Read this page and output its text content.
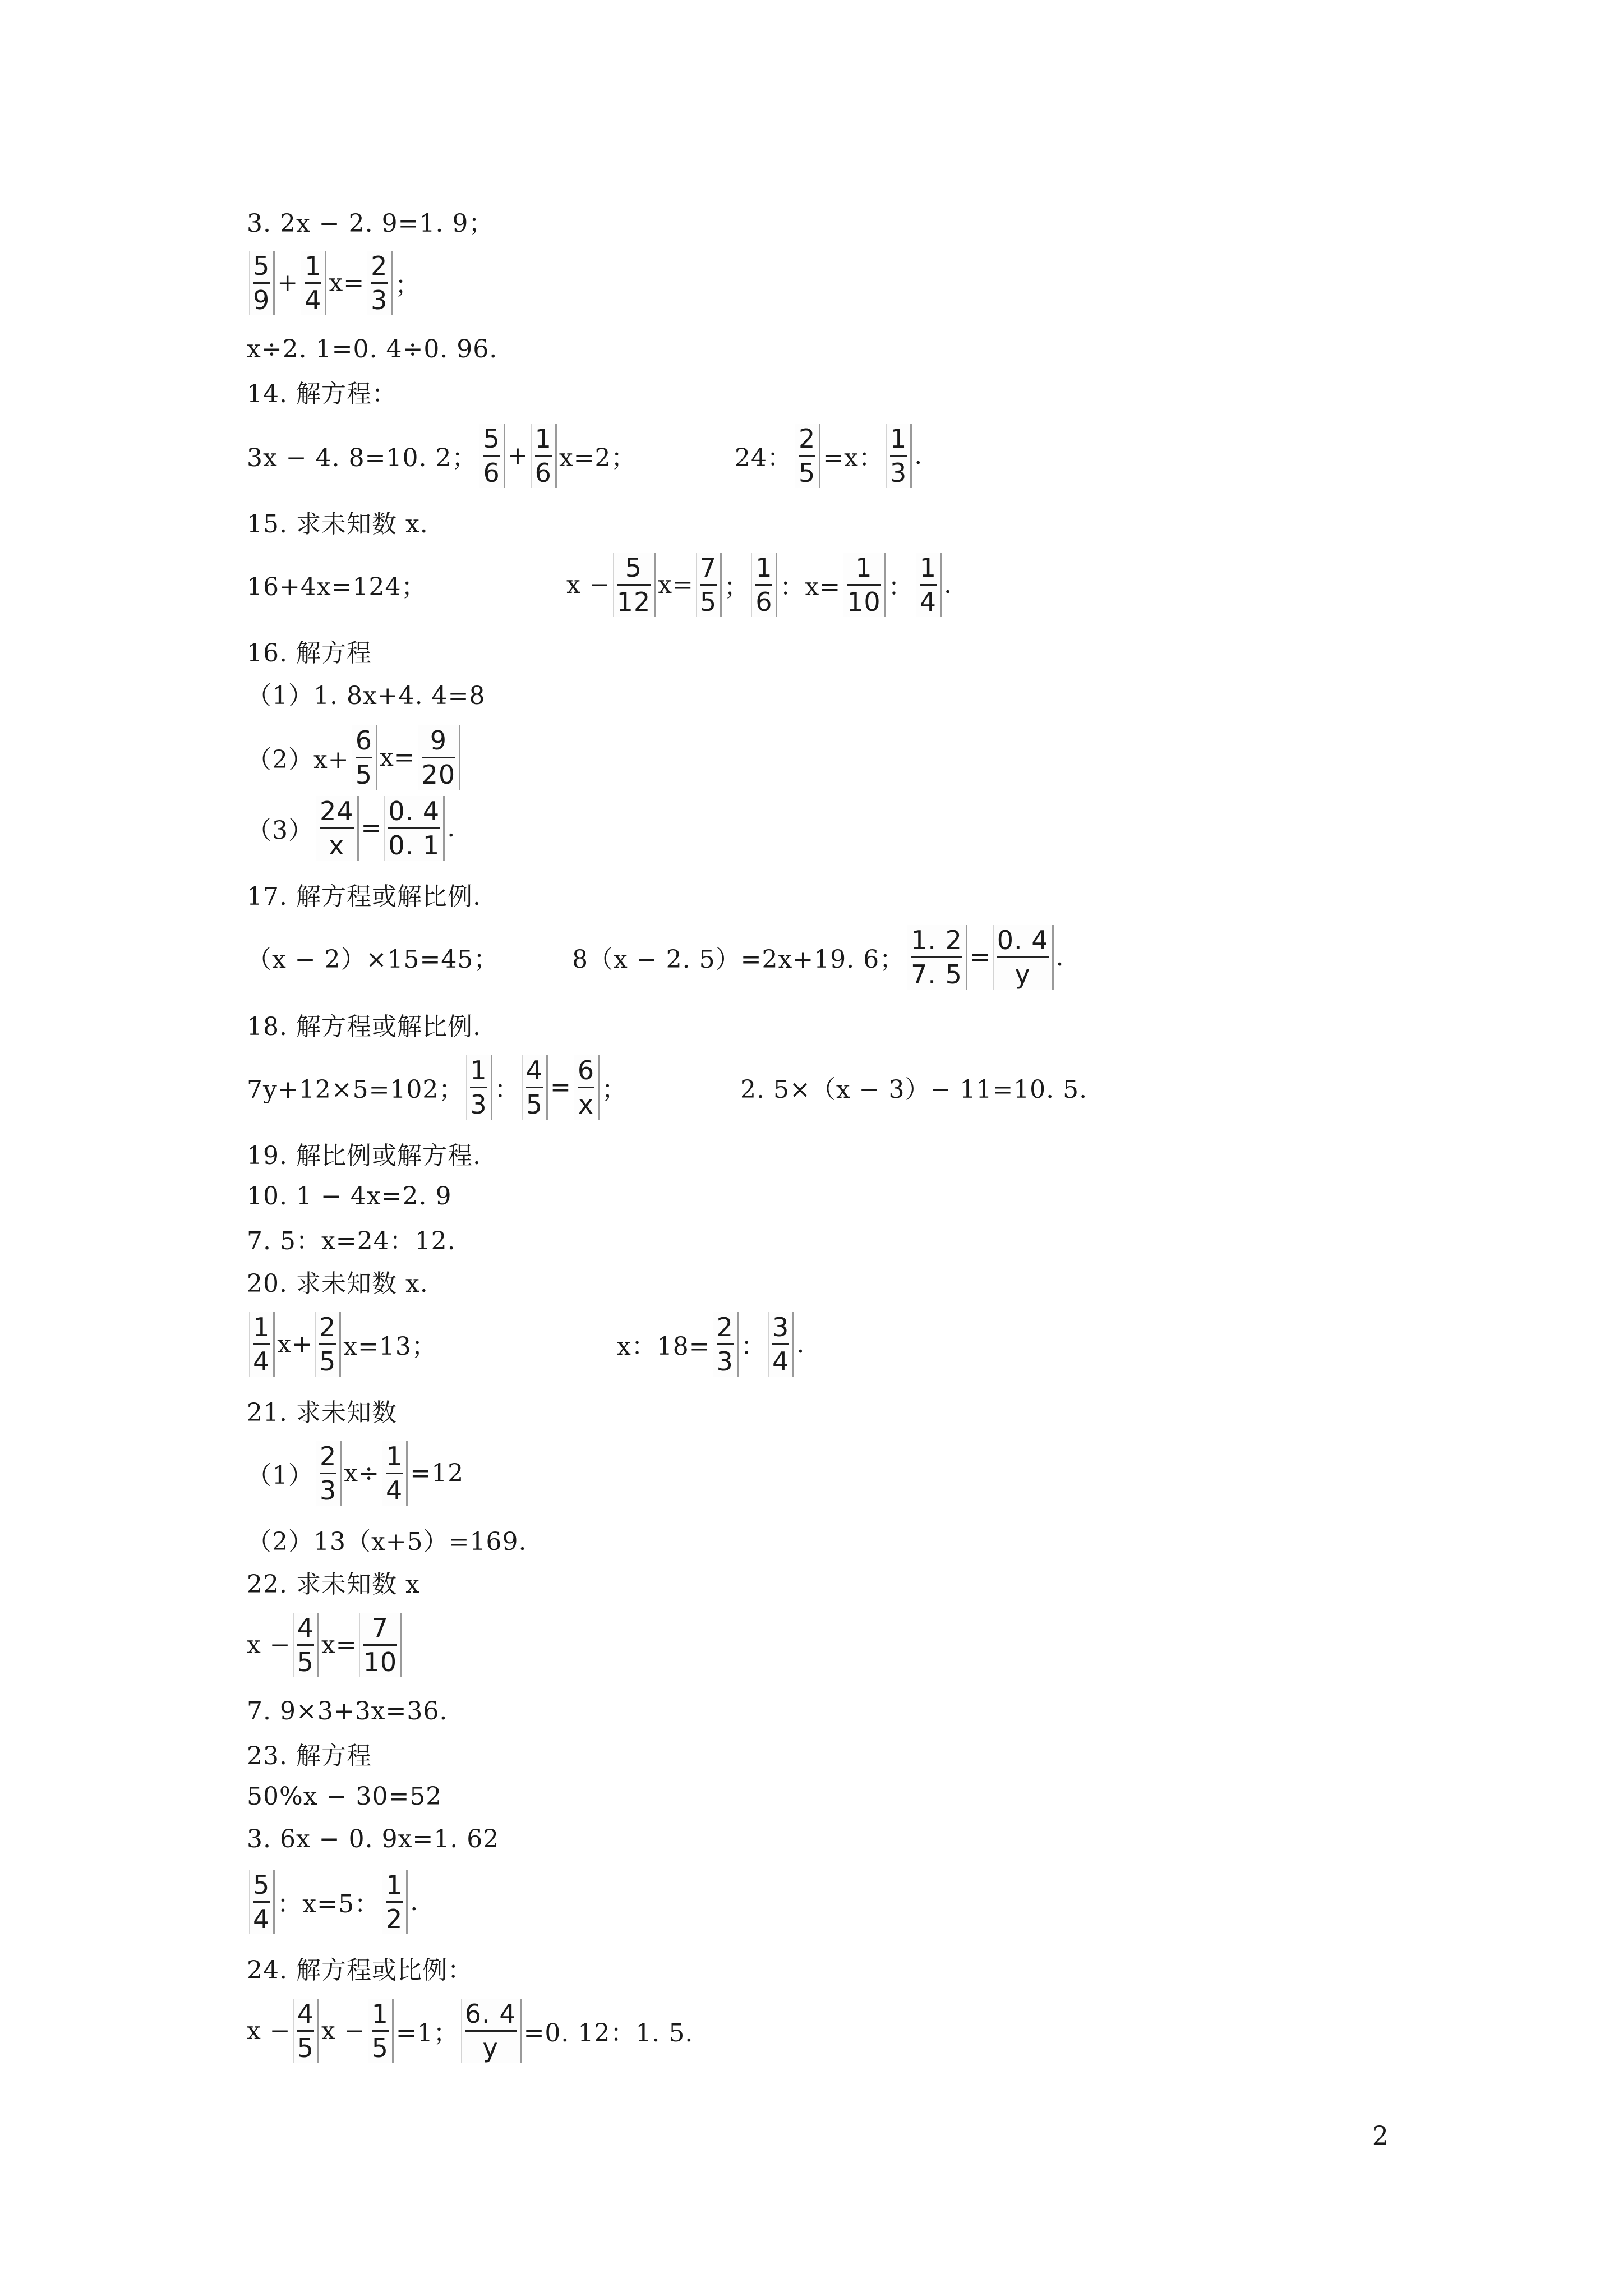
3. 2x − 2. 9=1. 9；
$\frac{5}{9} + \frac{1}{4} x= \frac{2}{3}$ ；
x÷2. 1=0. 4÷0. 96.
14. 解方程：
3x − 4. 8=10. 2； $\frac{5}{6} + \frac{1}{6} x=2$；	24： $\frac{2}{5} =x$： $\frac{1}{3}$ .
15. 求未知数 x.
16+4x=124；	$x - \frac{5}{12} x= \frac{7}{5}$ ； $\frac{1}{6}$ ：$x= \frac{1}{10}$ ： $\frac{1}{4}$ .
16. 解方程
（1）1. 8x+4. 4=8
$(2)x+ \frac{6}{5} x= \frac{9}{20}$
$(3) \frac{24}{x} = \frac{0. 4}{0. 1}$ .
17. 解方程或解比例.
（x − 2）×15=45；	8（x − 2. 5）=2x+19. 6； $\frac{1. 2}{7. 5} = \frac{0. 4}{y}$ .
18. 解方程或解比例.
7y+12×5=102； $\frac{1}{3}$ ： $\frac{4}{5} = \frac{6}{x}$ ；	2. 5×（x − 3）− 11=10. 5.
19. 解比例或解方程.
10. 1 − 4x=2. 9
7. 5：x=24：12.
20. 求未知数 x.
$\frac{1}{4} x+ \frac{2}{5} x=13$；	x：$18= \frac{2}{3}$ ： $\frac{3}{4}$ .
21. 求未知数
$(1) \frac{2}{3} x\div \frac{1}{4} =12$
（2）13（x+5）=169.
22. 求未知数 x
$x - \frac{4}{5} x= \frac{7}{10}$
7. 9×3+3x=36.
23. 解方程
50%x − 30=52
3. 6x − 0. 9x=1. 62
$\frac{5}{4}$ ：x=5： $\frac{1}{2}$ .
24. 解方程或比例：
$x - \frac{4}{5}$ $x - \frac{1}{5} =1$； $\frac{6. 4}{y} =0$. 12：1. 5.
2
